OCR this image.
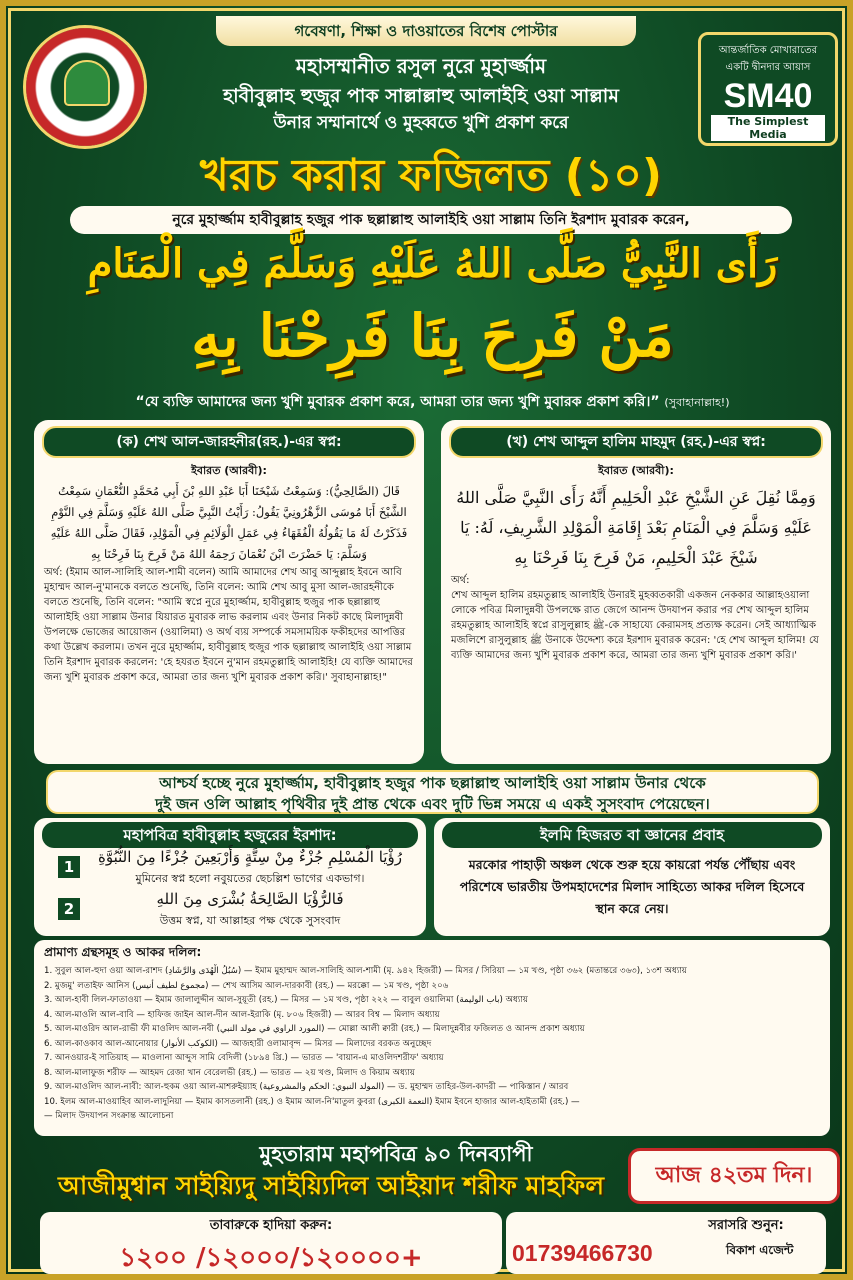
গবেষণা, শিক্ষা ও দাওয়াতের বিশেষ পোস্টার
আন্তর্জাতিক মোখারাতের
একটি দ্বীনদার আয়াস
SM40
The Simplest Media
মহাসম্মানীত রসুল নুরে মুহার্জ্জাম
হাবীবুল্লাহ হুজুর পাক সাল্লাল্লাহু আলাইহি ওয়া সাল্লাম
উনার সম্মানার্থে ও মুহব্বতে খুশি প্রকাশ করে
খরচ করার ফজিলত (১০)
নুরে মুহার্জ্জাম হাবীবুল্লাহ হজুর পাক ছল্লাল্লাহু আলাইহি ওয়া সাল্লাম তিনি ইরশাদ মুবারক করেন,
رَأَى النَّبِيُّ صَلَّى اللهُ عَلَيْهِ وَسَلَّمَ فِي الْمَنَامِ
مَنْ فَرِحَ بِنَا فَرِحْنَا بِهِ
“যে ব্যক্তি আমাদের জন্য খুশি মুবারক প্রকাশ করে, আমরা তার জন্য খুশি মুবারক প্রকাশ করি।” (সুবাহানাল্লাহ!)
(ক) শেখ আল-জারহনীর(রহ.)-এর স্বপ্ন:
ইবারত (আরবী):
قَالَ (الصَّالِحِيُّ): وَسَمِعْتُ شَيْخَنَا أَبَا عَبْدِ اللهِ بْنَ أَبِي مُحَمَّدٍ النُّعْمَانِ سَمِعْتُ الشَّيْخَ أَبَا مُوسَى الزَّهْرُونِيَّ يَقُولُ: رَأَيْتُ النَّبِيَّ صَلَّى اللهُ عَلَيْهِ وَسَلَّمَ فِي النَّوْمِ فَذَكَرْتُ لَهُ مَا يَقُولُهُ الْفُقَهَاءُ فِي عَمَلِ الْوَلَائِمِ فِي الْمَوْلِدِ، فَقَالَ صَلَّى اللهُ عَلَيْهِ وَسَلَّمَ: يَا حَضْرَتَ ابْنَ نُعْمَانَ رَحِمَهُ اللهُ مَنْ فَرِحَ بِنَا فَرِحْنَا بِهِ
অর্থ: (ইমাম আল-সালিহি আল-শামী বলেন) আমি আমাদের শেখ আবু আব্দুল্লাহ ইবনে আবি মুহাম্মদ আল-নু'মানকে বলতে শুনেছি, তিনি বলেন: আমি শেখ আবু মুসা আল-জারহনীকে বলতে শুনেছি, তিনি বলেন: "আমি স্বপ্নে নুরে মুহার্জ্জাম, হাবীবুল্লাহ হুজুর পাক ছল্লাল্লাহু আলাইহি ওয়া সাল্লাম উনার যিয়ারত মুবারক লাভ করলাম এবং উনার নিকট কাছে মিলাদুন্নবী উপলক্ষে ভোজের আয়োজন (ওয়ালিমা) ও অর্থ ব্যয় সম্পর্কে সমসাময়িক ফকীহদের আপত্তির কথা উল্লেখ করলাম। তখন নুরে মুহার্জ্জাম, হাবীবুল্লাহ হুজুর পাক ছল্লাল্লাহু আলাইহি ওয়া সাল্লাম তিনি ইরশাদ মুবারক করলেন: 'হে হযরত ইবনে নু'মান রহমতুল্লাহি আলাইহি! যে ব্যক্তি আমাদের জন্য খুশি মুবারক প্রকাশ করে, আমরা তার জন্য খুশি মুবারক প্রকাশ করি।' সুবাহানাল্লাহ!"
(খ) শেখ আব্দুল হালিম মাহমুদ (রহ.)-এর স্বপ্ন:
ইবারত (আরবী):
وَمِمَّا نُقِلَ عَنِ الشَّيْخِ عَبْدِ الْحَلِيمِ أَنَّهُ رَأَى النَّبِيَّ صَلَّى اللهُ عَلَيْهِ وَسَلَّمَ فِي الْمَنَامِ بَعْدَ إِقَامَةِ الْمَوْلِدِ الشَّرِيفِ، لَهُ: يَا شَيْخَ عَبْدَ الْحَلِيمِ، مَنْ فَرِحَ بِنَا فَرِحْنَا بِهِ
অর্থ:
শেখ আব্দুল হালিম রহমতুল্লাহ আলাইহি উনারই মুহব্বতকারী একজন নেককার আল্লাহওয়ালা লোকে পবিত্র মিলাদুন্নবী উপলক্ষে রাত জেগে আনন্দ উদযাপন করার পর শেখ আব্দুল হালিম রহমতুল্লাহ আলাইহি স্বপ্নে রাসুলুল্লাহ ﷺ-কে সাহায্যে কেরামসহ প্রত্যক্ষ করেন। সেই আধ্যাত্মিক মজলিশে রাসুলুল্লাহ ﷺ উনাকে উদ্দেশ্য করে ইরশাদ মুবারক করেন: 'হে শেখ আব্দুল হালিম! যে ব্যক্তি আমাদের জন্য খুশি মুবারক প্রকাশ করে, আমরা তার জন্য খুশি মুবারক প্রকাশ করি।'
আশ্চর্য হচ্ছে নুরে মুহার্জ্জাম, হাবীবুল্লাহ হজুর পাক ছল্লাল্লাহু আলাইহি ওয়া সাল্লাম উনার থেকে
দুই জন ওলি আল্লাহ পৃথিবীর দুই প্রান্ত থেকে এবং দুটি ভিন্ন সময়ে এ একই সুসংবাদ পেয়েছেন।
মহাপবিত্র হাবীবুল্লাহ হজুরের ইরশাদ:
1
رُؤْيَا الْمُسْلِمِ جُزْءٌ مِنْ سِتَّةٍ وَأَرْبَعِينَ جُزْءًا مِنَ النُّبُوَّةِ
মুমিনের স্বপ্ন হলো নবুয়তের ছেচল্লিশ ভাগের একভাগ।
2
فَالرُّؤْيَا الصَّالِحَةُ بُشْرَى مِنَ اللهِ
উত্তম স্বপ্ন, যা আল্লাহর পক্ষ থেকে সুসংবাদ
ইলমি হিজরত বা জ্ঞানের প্রবাহ
মরকোর পাহাড়ী অঞ্চল থেকে শুরু হয়ে কায়রো পর্যন্ত পৌঁছায় এবং পরিশেষে ভারতীয় উপমহাদেশের মিলাদ সাহিত্যে আকর দলিল হিসেবে স্থান করে নেয়।
প্রামাণ্য গ্রন্থসমূহ ও আকর দলিল:
1. সুবুল আল-হুদা ওয়া আল-রাশদ (سُبُلُ الْهُدَى وَالرَّشَادِ) — ইমাম মুহাম্মদ আল-সালিহি আল-শামী (মৃ. ৯৪২ হিজরী) — মিসর / সিরিয়া — ১ম খণ্ড, পৃষ্ঠা ৩৬২ (মতান্তরে ৩৬৩), ১৩শ অধ্যায়
2. মুজমু' লতাইফ আনিস (مجموع لطيف أنيس) — শেখ আসিম আল-দারকাবী (রহ.) — মরক্কো — ১ম খণ্ড, পৃষ্ঠা ২০৬
3. আল-হাবী লিল-ফাতাওয়া — ইমাম জালালুদ্দীন আল-সুয়ূতী (রহ.) — মিসর — ১ম খণ্ড, পৃষ্ঠা ২২২ — বাবুল ওয়ালিমা (باب الوليمة) অধ্যায়
4. আল-মাওলি আল-বাবি — হাফিজ জাইন আল-দীন আল-ইরাকি (মৃ. ৮০৬ হিজরী) — আরব বিশ্ব — মিলাদ অধ্যায়
5. আল-মাওরিদ আল-রাভী ফী মাওলিদ আল-নবী (المورد الراوي في مولد النبي) — মোল্লা আলী ক্বারী (রহ.) — মিলাদুন্নবীর ফজিলত ও আনন্দ প্রকাশ অধ্যায়
6. আল-কাওকাব আল-আনোয়ার (الكوكب الأنوار) — আজহারী ওলামাবৃন্দ — মিসর — মিলাদের বরকত অনুচ্ছেদ
7. আনওয়ার-ই সাতিয়াহ — মাওলানা আব্দুস সামি বেদিলী (১৮৯৪ খ্রি.) — ভারত — 'বায়ান-এ মাওলিদশরীফ' অধ্যায়
8. আল-মালাফুজ শরীফ — আহমদ রেজা খান বেরেলভী (রহ.) — ভারত — ২য় খণ্ড, মিলাদ ও কিয়াম অধ্যায়
9. আল-মাওলিদ আল-নাবী: আল-হুকম ওয়া আল-মাশরুইয়্যাহ (المولد النبوي: الحكم والمشروعية) — ড. মুহাম্মদ তাহির-উল-কাদরী — পাকিস্তান / আরব
10. ইলম আল-মাওয়াহিব আল-লাদুনিয়া — ইমাম কাসতলানী (রহ.) ও ইমাম আল-নি'মাতুল কুবরা (النعمة الكبرى) ইমাম ইবনে হাজার আল-হাইতামী (রহ.) —
— মিলাদ উদযাপন সংক্রান্ত আলোচনা
মুহতারাম মহাপবিত্র ৯০ দিনব্যাপী
আজীমুশ্বান সাইয়্যিদু সাইয়্যিদিল আইয়াদ শরীফ মাহফিল	আজ ৪২তম দিন।
তাবারুকে হাদিয়া করুন:
১২০০ /১২০০০/১২০০০০+
সরাসরি শুনুন:
01739466730	বিকাশ এজেন্ট
